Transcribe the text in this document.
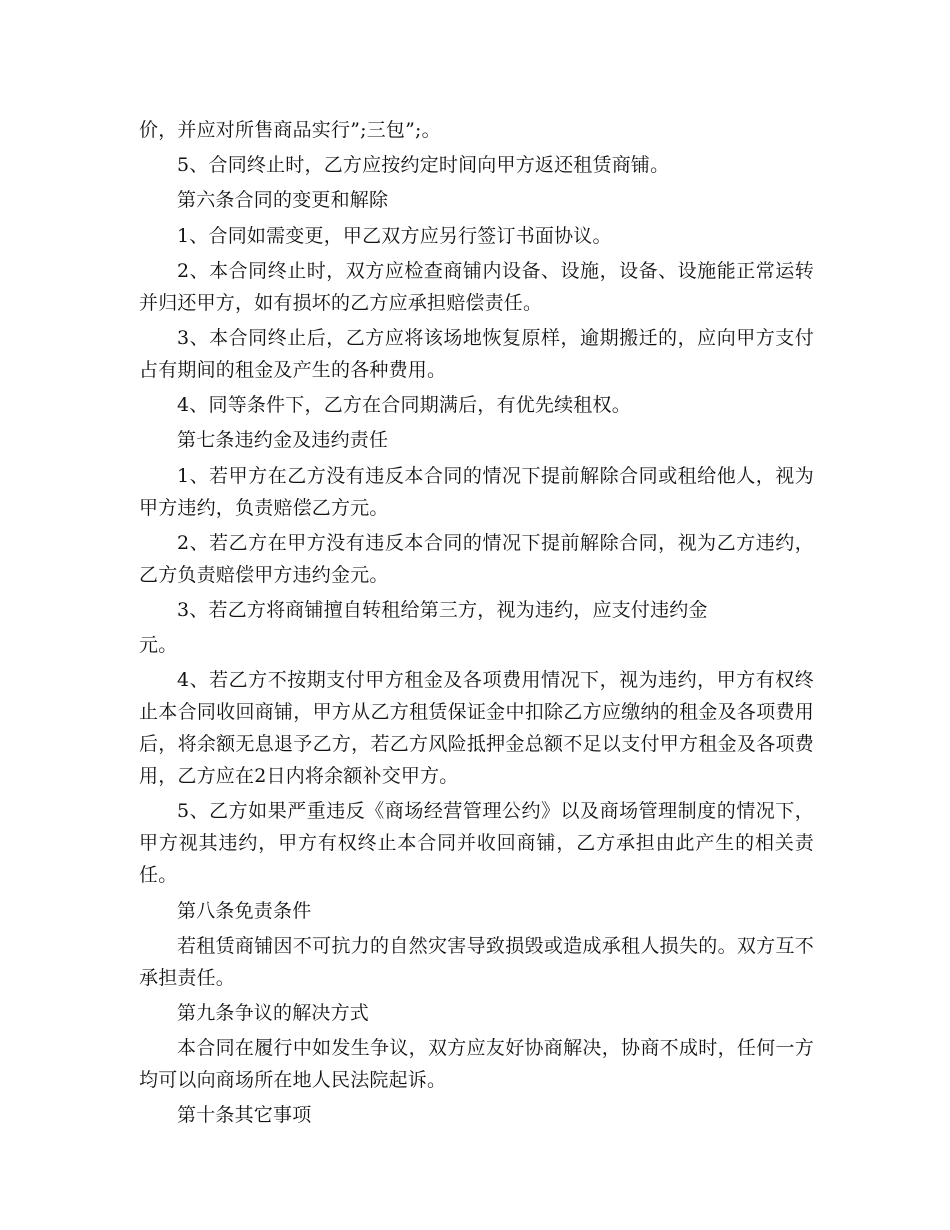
价，并应对所售商品实行”;三包”;。

5、合同终止时，乙方应按约定时间向甲方返还租赁商铺。

第六条合同的变更和解除

1、合同如需变更，甲乙双方应另行签订书面协议。

2、本合同终止时，双方应检查商铺内设备、设施，设备、设施能正常运转并归还甲方，如有损坏的乙方应承担赔偿责任。

3、本合同终止后，乙方应将该场地恢复原样，逾期搬迁的，应向甲方支付占有期间的租金及产生的各种费用。

4、同等条件下，乙方在合同期满后，有优先续租权。

第七条违约金及违约责任

1、若甲方在乙方没有违反本合同的情况下提前解除合同或租给他人，视为甲方违约，负责赔偿乙方元。

2、若乙方在甲方没有违反本合同的情况下提前解除合同，视为乙方违约，乙方负责赔偿甲方违约金元。

3、若乙方将商铺擅自转租给第三方，视为违约，应支付违约金

元。

4、若乙方不按期支付甲方租金及各项费用情况下，视为违约，甲方有权终止本合同收回商铺，甲方从乙方租赁保证金中扣除乙方应缴纳的租金及各项费用后，将余额无息退予乙方，若乙方风险抵押金总额不足以支付甲方租金及各项费用，乙方应在2日内将余额补交甲方。

5、乙方如果严重违反《商场经营管理公约》以及商场管理制度的情况下，甲方视其违约，甲方有权终止本合同并收回商铺，乙方承担由此产生的相关责任。

第八条免责条件

若租赁商铺因不可抗力的自然灾害导致损毁或造成承租人损失的。双方互不承担责任。

第九条争议的解决方式

本合同在履行中如发生争议，双方应友好协商解决，协商不成时，任何一方均可以向商场所在地人民法院起诉。

第十条其它事项
